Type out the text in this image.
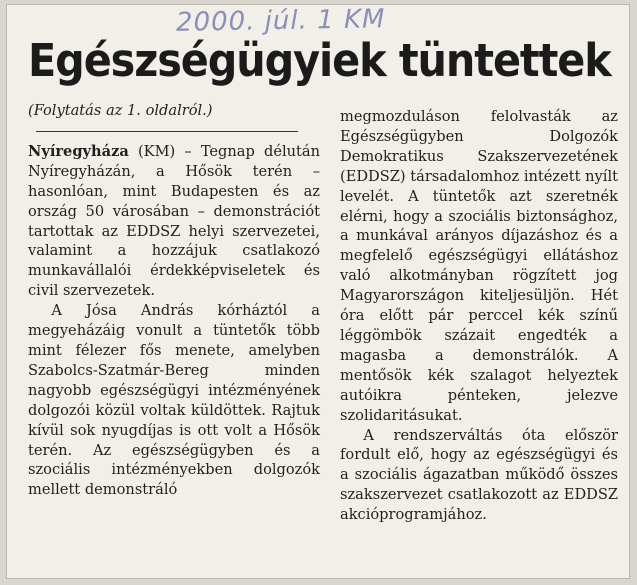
2000. júl. 1 KM
Egészségügyiek tüntettek

(Folytatás az 1. oldalról.)

Nyíregyháza (KM) – Tegnap délután Nyíregyházán, a Hősök terén – hasonlóan, mint Budapesten és az ország 50 városában – demonstrációt tartottak az EDDSZ helyi szervezetei, valamint a hozzájuk csatlakozó munkavállalói érdekképviseletek és civil szervezetek.

A Jósa András kórháztól a megyeházáig vonult a tüntetők több mint félezer fős menete, amelyben Szabolcs-Szatmár-Bereg minden nagyobb egészségügyi intézményének dolgozói közül voltak küldöttek. Rajtuk kívül sok nyugdíjas is ott volt a Hősök terén. Az egészségügyben és a szociális intézményekben dolgozók mellett demonstráló

megmozduláson felolvasták az Egészségügyben Dolgozók Demokratikus Szakszervezetének (EDDSZ) társadalomhoz intézett nyílt levelét. A tüntetők azt szeretnék elérni, hogy a szociális biztonsághoz, a munkával arányos díjazáshoz és a megfelelő egészségügyi ellátáshoz való alkotmányban rögzített jog Magyarországon kiteljesüljön. Hét óra előtt pár perccel kék színű léggömbök százait engedték a magasba a demonstrálók. A mentősök kék szalagot helyeztek autóikra pénteken, jelezve szolidaritásukat.

A rendszerváltás óta először fordult elő, hogy az egészségügyi és a szociális ágazatban működő összes szakszervezet csatlakozott az EDDSZ akcióprogramjához.
